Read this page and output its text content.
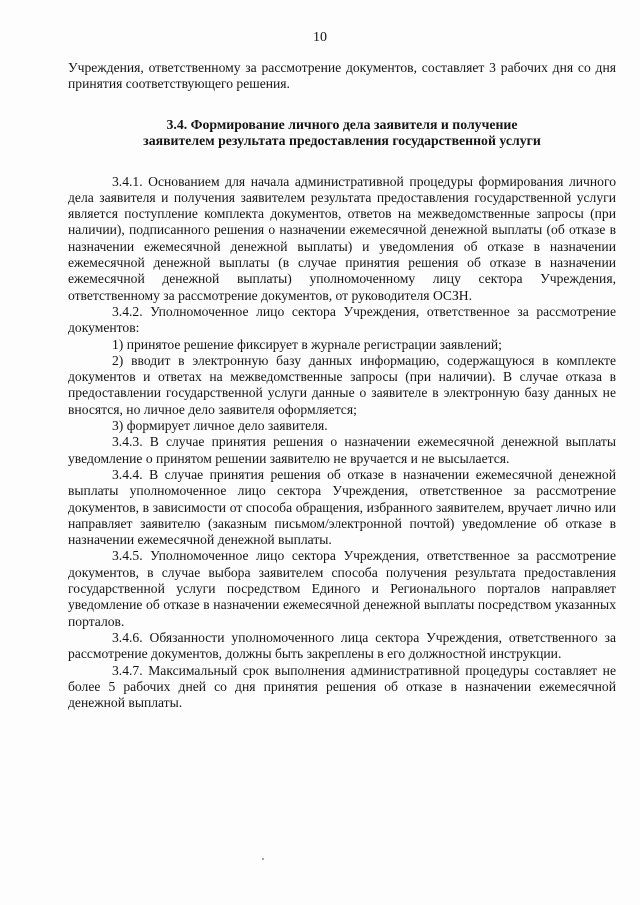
10

Учреждения, ответственному за рассмотрение документов, составляет 3 рабочих дня со дня принятия соответствующего решения.

3.4. Формирование личного дела заявителя и получение

заявителем результата предоставления государственной услуги

3.4.1. Основанием для начала административной процедуры формирования личного дела заявителя и получения заявителем результата предоставления государственной услуги является поступление комплекта документов, ответов на межведомственные запросы (при наличии), подписанного решения о назначении ежемесячной денежной выплаты (об отказе в назначении ежемесячной денежной выплаты) и уведомления об отказе в назначении ежемесячной денежной выплаты (в случае принятия решения об отказе в назначении ежемесячной денежной выплаты) уполномоченному лицу сектора Учреждения, ответственному за рассмотрение документов, от руководителя ОСЗН.

3.4.2. Уполномоченное лицо сектора Учреждения, ответственное за рассмотрение документов:

1) принятое решение фиксирует в журнале регистрации заявлений;

2) вводит в электронную базу данных информацию, содержащуюся в комплекте документов и ответах на межведомственные запросы (при наличии). В случае отказа в предоставлении государственной услуги данные о заявителе в электронную базу данных не вносятся, но личное дело заявителя оформляется;

3) формирует личное дело заявителя.

3.4.3. В случае принятия решения о назначении ежемесячной денежной выплаты уведомление о принятом решении заявителю не вручается и не высылается.

3.4.4. В случае принятия решения об отказе в назначении ежемесячной денежной выплаты уполномоченное лицо сектора Учреждения, ответственное за рассмотрение документов, в зависимости от способа обращения, избранного заявителем, вручает лично или направляет заявителю (заказным письмом/электронной почтой) уведомление об отказе в назначении ежемесячной денежной выплаты.

3.4.5. Уполномоченное лицо сектора Учреждения, ответственное за рассмотрение документов, в случае выбора заявителем способа получения результата предоставления государственной услуги посредством Единого и Регионального порталов направляет уведомление об отказе в назначении ежемесячной денежной выплаты посредством указанных порталов.

3.4.6. Обязанности уполномоченного лица сектора Учреждения, ответственного за рассмотрение документов, должны быть закреплены в его должностной инструкции.

3.4.7. Максимальный срок выполнения административной процедуры составляет не более 5 рабочих дней со дня принятия решения об отказе в назначении ежемесячной денежной выплаты.
